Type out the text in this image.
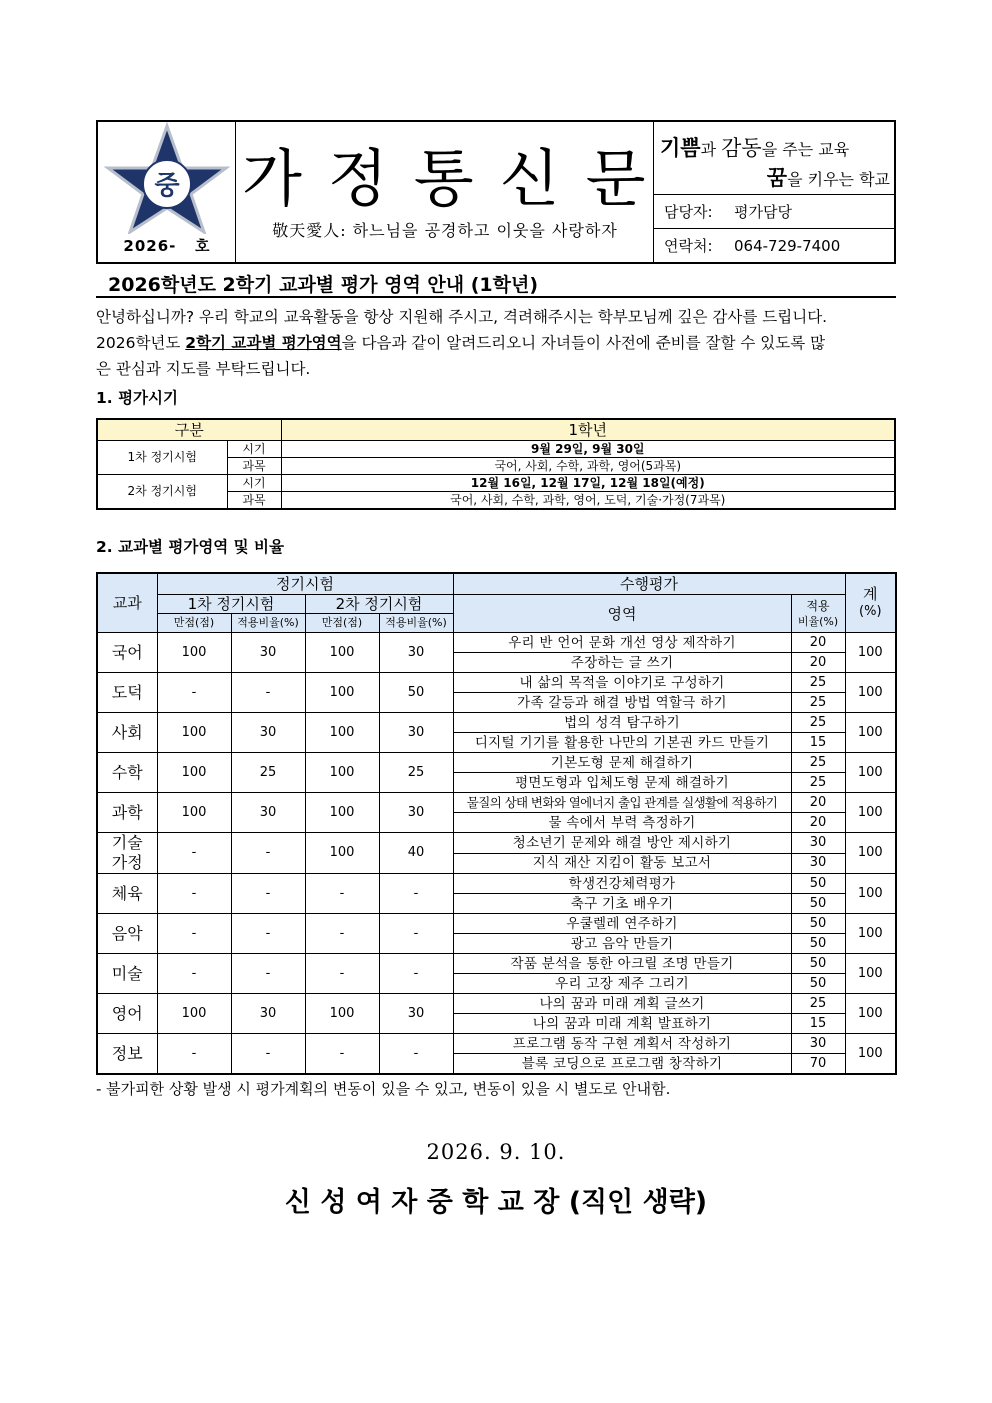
중
2026-   호
가정통신문
敬天愛人: 하느님을 공경하고 이웃을 사랑하자
기쁨과 감동을 주는 교육
꿈을 키우는 학교
담당자: 평가담당
연락처: 064-729-7400
2026학년도 2학기 교과별 평가 영역 안내 (1학년)
안녕하십니까? 우리 학교의 교육활동을 항상 지원해 주시고, 격려해주시는 학부모님께 깊은 감사를 드립니다.
2026학년도 2학기 교과별 평가영역을 다음과 같이 알려드리오니 자녀들이 사전에 준비를 잘할 수 있도록 많
은 관심과 지도를 부탁드립니다.
1. 평가시기
구분		1학년
1차 정기시험	시기	9월 29일, 9월 30일
	과목	국어, 사회, 수학, 과학, 영어(5과목)
2차 정기시험	시기	12월 16일, 12월 17일, 12월 18일(예정)
	과목	국어, 사회, 수학, 과학, 영어, 도덕, 기술·가정(7과목)
2. 교과별 평가영역 및 비율
교과	정기시험				수행평가		계
(%)

	1차 정기시험		2차 정기시험		영역	적용
비율(%)	

	만점(점)	적용비율(%)	만점(점)	적용비율(%)			
국어	100	30	100	30	우리 반 언어 문화 개선 영상 제작하기	20	100
					주장하는 글 쓰기	20	
도덕	-	-	100	50	내 삶의 목적을 이야기로 구성하기	25	100
					가족 갈등과 해결 방법 역할극 하기	25	
사회	100	30	100	30	법의 성격 탐구하기	25	100
					디지털 기기를 활용한 나만의 기본권 카드 만들기	15	
수학	100	25	100	25	기본도형 문제 해결하기	25	100
					평면도형과 입체도형 문제 해결하기	25	
과학	100	30	100	30	물질의 상태 변화와 열에너지 출입 관계를 실생활에 적용하기	20	100
					물 속에서 부력 측정하기	20	
기술
가정	-	-	100	40	청소년기 문제와 해결 방안 제시하기	30	100
					지식 재산 지킴이 활동 보고서	30	
체육	-	-	-	-	학생건강체력평가	50	100
					축구 기초 배우기	50	
음악	-	-	-	-	우쿨렐레 연주하기	50	100
					광고 음악 만들기	50	
미술	-	-	-	-	작품 분석을 통한 아크릴 조명 만들기	50	100
					우리 고장 제주 그리기	50	
영어	100	30	100	30	나의 꿈과 미래 계획 글쓰기	25	100
					나의 꿈과 미래 계획 발표하기	15	
정보	-	-	-	-	프로그램 동작 구현 계획서 작성하기	30	100
					블록 코딩으로 프로그램 창작하기	70	
- 불가피한 상황 발생 시 평가계획의 변동이 있을 수 있고, 변동이 있을 시 별도로 안내함.
2026. 9. 10.
신 성 여 자 중 학 교 장 (직인 생략)
